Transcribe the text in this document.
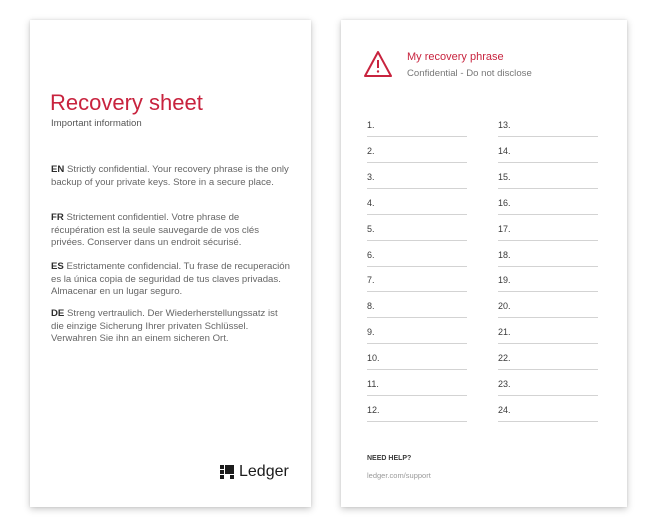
Recovery sheet
Important information
EN Strictly confidential. Your recovery phrase is the only backup of your private keys. Store in a secure place.
FR Strictement confidentiel. Votre phrase de récupération est la seule sauvegarde de vos clés privées. Conserver dans un endroit sécurisé.
ES Estrictamente confidencial. Tu frase de recuperación es la única copia de seguridad de tus claves privadas. Almacenar en un lugar seguro.
DE Streng vertraulich. Der Wiederherstellungssatz ist die einzige Sicherung Ihrer privaten Schlüssel. Verwahren Sie ihn an einem sicheren Ort.
Ledger
My recovery phrase
Confidential - Do not disclose
1.
2.
3.
4.
5.
6.
7.
8.
9.
10.
11.
12.
13.
14.
15.
16.
17.
18.
19.
20.
21.
22.
23.
24.
NEED HELP?
ledger.com/support
